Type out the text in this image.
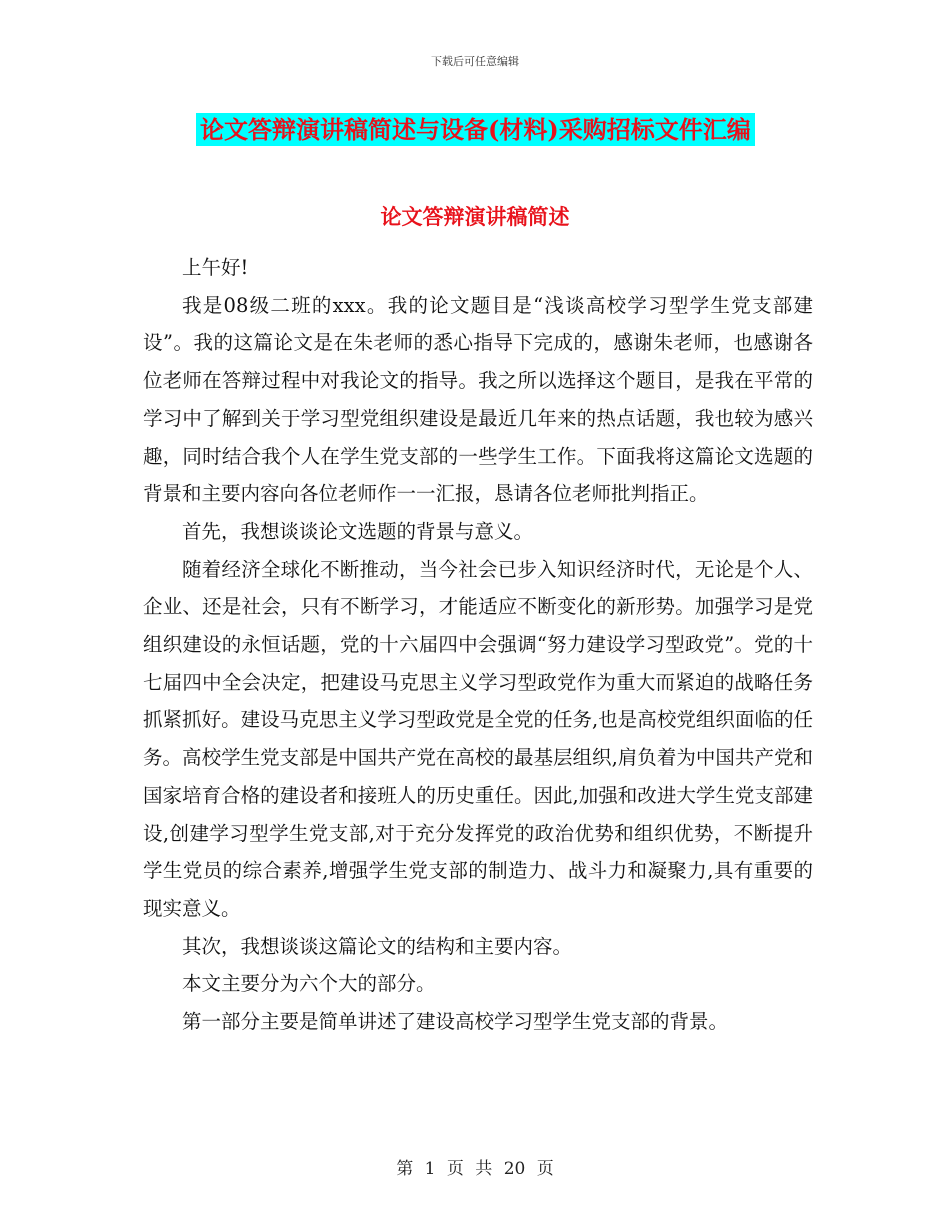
下载后可任意编辑
论文答辩演讲稿简述与设备(材料)采购招标文件汇编
论文答辩演讲稿简述

上午好!

我是08级二班的xxx。我的论文题目是“浅谈高校学习型学生党支部建设”。我的这篇论文是在朱老师的悉心指导下完成的，感谢朱老师，也感谢各位老师在答辩过程中对我论文的指导。我之所以选择这个题目，是我在平常的学习中了解到关于学习型党组织建设是最近几年来的热点话题，我也较为感兴趣，同时结合我个人在学生党支部的一些学生工作。下面我将这篇论文选题的背景和主要内容向各位老师作一一汇报，恳请各位老师批判指正。

首先，我想谈谈论文选题的背景与意义。

随着经济全球化不断推动，当今社会已步入知识经济时代，无论是个人、企业、还是社会，只有不断学习，才能适应不断变化的新形势。加强学习是党组织建设的永恒话题，党的十六届四中会强调“努力建设学习型政党”。党的十七届四中全会决定，把建设马克思主义学习型政党作为重大而紧迫的战略任务抓紧抓好。建设马克思主义学习型政党是全党的任务,也是高校党组织面临的任务。高校学生党支部是中国共产党在高校的最基层组织,肩负着为中国共产党和国家培育合格的建设者和接班人的历史重任。因此,加强和改进大学生党支部建设,创建学习型学生党支部,对于充分发挥党的政治优势和组织优势，不断提升学生党员的综合素养,增强学生党支部的制造力、战斗力和凝聚力,具有重要的现实意义。

其次，我想谈谈这篇论文的结构和主要内容。

本文主要分为六个大的部分。

第一部分主要是简单讲述了建设高校学习型学生党支部的背景。

第 1 页 共 20 页
